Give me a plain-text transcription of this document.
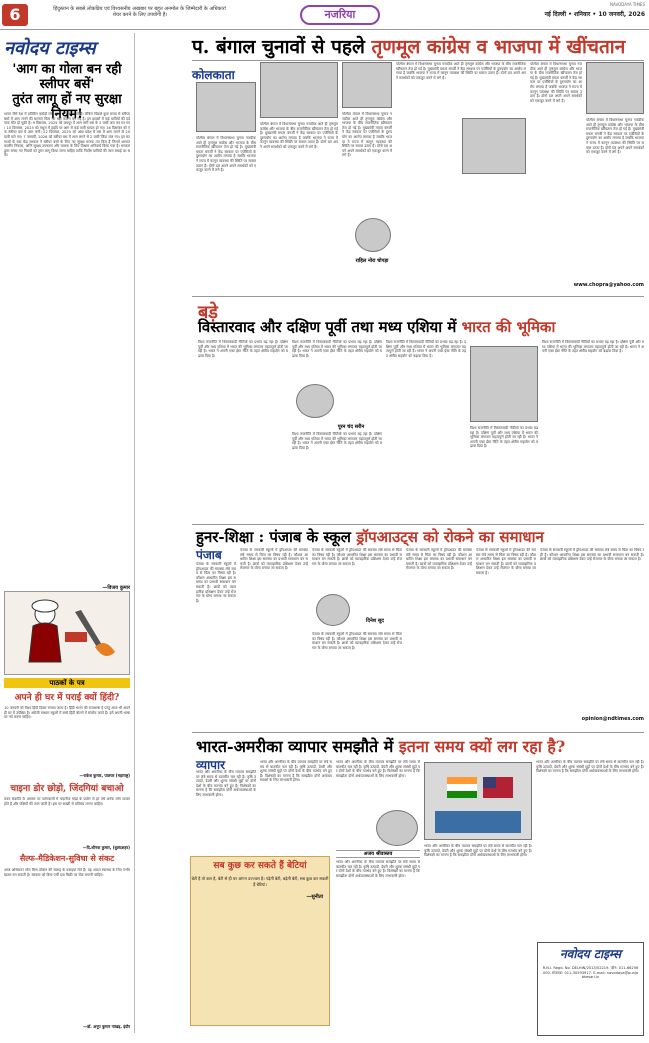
6	हिंदुस्तान के सबसे लोकप्रिय एवं विश्वसनीय अखबार पर बहुत अनमोल के जिम्मेदारी के अधिकार! शेयर करने के लिए उपयोगी है।	नजरिया
NAVODAYA TIMES
नई दिल्ली • शनिवार • 10 जनवरी, 2026
नवोदय टाइम्स
'आग का गोला बन रही स्लीपर बसें'
तुरंत लागू हों नए सुरक्षा नियम!
भारत जैसे देश में प्रतिदिन करोड़ों लोग बसों से यात्रा करते हैं। लेकिन पिछले कुछ समय से स्लीपर बसों में आग लगने की घटनाएं चिंता का बड़ा कारण बन गई हैं। इन हादसों में कई यात्रियों की दर्दनाक मौत हो चुकी है। 9 दिसम्बर, 2025 को जयपुर में आग लगी बस के 2 यात्री जल कर मर गए। 10 दिसम्बर, 2025 को मथुरा में हाईवे पर आग से कई यात्री घायल हो गए। 16 दिसम्बर को एक स्लीपर बस में आग लगी। 22 दिसम्बर, 2025 को आंध्र प्रदेश में बस में आग लगने से 20 यात्री मारे गए। 7 जनवरी, 2026 को स्लीपर बस में आग लगने से 2 यात्री जिंदा जल गए। इन घटनाओं के बाद केंद्र सरकार ने स्लीपर बसों के लिए नए सुरक्षा मानक तय किए हैं जिनमें आपातकालीन निकास, अग्नि सुरक्षा उपकरण और चालक के लिए विश्राम अनिवार्य किया गया है। सरकार द्वारा बनाए गए नियमों को तुरंत लागू किया जाना चाहिए ताकि निर्दोष यात्रियों की जान बचाई जा सके।
—विजय कुमार
पाठकों के पत्र
अपने ही घर में पराई क्यों हिंदी?
10 जनवरी को विश्व हिंदी दिवस मनाया जाता है। हिंदी भारत की राजभाषा है परंतु आज भी अपने ही घर में उपेक्षित है। अंग्रेजी माध्यम स्कूलों में बच्चे हिंदी बोलने में संकोच करते हैं। हमें अपनी भाषा पर गर्व करना चाहिए।
—राकेश कुमार, पालघर (महाराष्ट्र)
चाइना डोर छोड़ो, जिंदगियां बचाओ
मकर संक्रांति के अवसर पर पतंगबाजी में चाइनीज मांझे के प्रयोग से हर वर्ष अनेक लोग घायल होते हैं और पक्षियों की जान जाती है। इस पर सख्ती से प्रतिबंध लगना चाहिए।
—दि.शौनक कुमार, (बुलंदशहर)
सैल्फ-मैडिकेशन-सुविधा से संकट
आज अधिकतर लोग बिना डॉक्टर की सलाह के दवाइयां लेते हैं। यह आदत स्वास्थ्य के लिए गंभीर खतरा बन सकती है। सरकार को बिना पर्ची दवा बिक्री पर रोक लगानी चाहिए।
—डॉ. अनूप कुमार गाखड़, इंदौर
प. बंगाल चुनावों से पहले तृणमूल कांग्रेस व भाजपा में खींचतान
कोलकाता
पश्चिम बंगाल में विधानसभा चुनाव नजदीक आते ही तृणमूल कांग्रेस और भाजपा के बीच राजनीतिक खींचतान तेज हो गई है। मुख्यमंत्री ममता बनर्जी ने केंद्र सरकार पर एजेंसियों के दुरुपयोग का आरोप लगाया है जबकि भाजपा ने राज्य में कानून व्यवस्था की स्थिति पर सवाल उठाए हैं। दोनों दल अपने अपने समर्थकों को एकजुट करने में लगे हैं।
पश्चिम बंगाल में विधानसभा चुनाव नजदीक आते ही तृणमूल कांग्रेस और भाजपा के बीच राजनीतिक खींचतान तेज हो गई है। मुख्यमंत्री ममता बनर्जी ने केंद्र सरकार पर एजेंसियों के दुरुपयोग का आरोप लगाया है जबकि भाजपा ने राज्य में कानून व्यवस्था की स्थिति पर सवाल उठाए हैं। दोनों दल अपने अपने समर्थकों को एकजुट करने में लगे हैं।
पश्चिम बंगाल में विधानसभा चुनाव नजदीक आते ही तृणमूल कांग्रेस और भाजपा के बीच राजनीतिक खींचतान तेज हो गई है। मुख्यमंत्री ममता बनर्जी ने केंद्र सरकार पर एजेंसियों के दुरुपयोग का आरोप लगाया है जबकि भाजपा ने राज्य में कानून व्यवस्था की स्थिति पर सवाल उठाए हैं। दोनों दल अपने अपने समर्थकों को एकजुट करने में लगे हैं।
राहिल नोरा चोपड़ा
पश्चिम बंगाल में विधानसभा चुनाव नजदीक आते ही तृणमूल कांग्रेस और भाजपा के बीच राजनीतिक खींचतान तेज हो गई है। मुख्यमंत्री ममता बनर्जी ने केंद्र सरकार पर एजेंसियों के दुरुपयोग का आरोप लगाया है जबकि भाजपा ने राज्य में कानून व्यवस्था की स्थिति पर सवाल उठाए हैं। दोनों दल अपने अपने समर्थकों को एकजुट करने में लगे हैं।
पश्चिम बंगाल में विधानसभा चुनाव नजदीक आते ही तृणमूल कांग्रेस और भाजपा के बीच राजनीतिक खींचतान तेज हो गई है। मुख्यमंत्री ममता बनर्जी ने केंद्र सरकार पर एजेंसियों के दुरुपयोग का आरोप लगाया है जबकि भाजपा ने राज्य में कानून व्यवस्था की स्थिति पर सवाल उठाए हैं। दोनों दल अपने अपने समर्थकों को एकजुट करने में लगे हैं।
पश्चिम बंगाल में विधानसभा चुनाव नजदीक आते ही तृणमूल कांग्रेस और भाजपा के बीच राजनीतिक खींचतान तेज हो गई है। मुख्यमंत्री ममता बनर्जी ने केंद्र सरकार पर एजेंसियों के दुरुपयोग का आरोप लगाया है जबकि भाजपा ने राज्य में कानून व्यवस्था की स्थिति पर सवाल उठाए हैं। दोनों दल अपने अपने समर्थकों को एकजुट करने में लगे हैं।
www.chopra@yahoo.com
बड़े
विस्तारवाद और दक्षिण पूर्वी तथा मध्य एशिया में भारत की भूमिका
विश्व राजनीति में विस्तारवादी नीतियों का प्रभाव बढ़ रहा है। दक्षिण पूर्वी और मध्य एशिया में भारत की भूमिका लगातार महत्वपूर्ण होती जा रही है। भारत ने अपनी एक्ट ईस्ट नीति के तहत क्षेत्रीय सहयोग को बढ़ावा दिया है।
विश्व राजनीति में विस्तारवादी नीतियों का प्रभाव बढ़ रहा है। दक्षिण पूर्वी और मध्य एशिया में भारत की भूमिका लगातार महत्वपूर्ण होती जा रही है। भारत ने अपनी एक्ट ईस्ट नीति के तहत क्षेत्रीय सहयोग को बढ़ावा दिया है।
पूरन चंद सरीन
विश्व राजनीति में विस्तारवादी नीतियों का प्रभाव बढ़ रहा है। दक्षिण पूर्वी और मध्य एशिया में भारत की भूमिका लगातार महत्वपूर्ण होती जा रही है। भारत ने अपनी एक्ट ईस्ट नीति के तहत क्षेत्रीय सहयोग को बढ़ावा दिया है।
विश्व राजनीति में विस्तारवादी नीतियों का प्रभाव बढ़ रहा है। दक्षिण पूर्वी और मध्य एशिया में भारत की भूमिका लगातार महत्वपूर्ण होती जा रही है। भारत ने अपनी एक्ट ईस्ट नीति के तहत क्षेत्रीय सहयोग को बढ़ावा दिया है।
विश्व राजनीति में विस्तारवादी नीतियों का प्रभाव बढ़ रहा है। दक्षिण पूर्वी और मध्य एशिया में भारत की भूमिका लगातार महत्वपूर्ण होती जा रही है। भारत ने अपनी एक्ट ईस्ट नीति के तहत क्षेत्रीय सहयोग को बढ़ावा दिया है।
विश्व राजनीति में विस्तारवादी नीतियों का प्रभाव बढ़ रहा है। दक्षिण पूर्वी और मध्य एशिया में भारत की भूमिका लगातार महत्वपूर्ण होती जा रही है। भारत ने अपनी एक्ट ईस्ट नीति के तहत क्षेत्रीय सहयोग को बढ़ावा दिया है।
हुनर-शिक्षा : पंजाब के स्कूल ड्रॉपआउट्स को रोकने का समाधान
पंजाब
पंजाब के सरकारी स्कूलों में ड्रॉपआउट की समस्या लंबे समय से चिंता का विषय रही है। कौशल आधारित शिक्षा इस समस्या का प्रभावी समाधान बन सकती है। छात्रों को व्यावहारिक प्रशिक्षण देकर उन्हें रोजगार के योग्य बनाया जा सकता है।
पंजाब के सरकारी स्कूलों में ड्रॉपआउट की समस्या लंबे समय से चिंता का विषय रही है। कौशल आधारित शिक्षा इस समस्या का प्रभावी समाधान बन सकती है। छात्रों को व्यावहारिक प्रशिक्षण देकर उन्हें रोजगार के योग्य बनाया जा सकता है।
पंजाब के सरकारी स्कूलों में ड्रॉपआउट की समस्या लंबे समय से चिंता का विषय रही है। कौशल आधारित शिक्षा इस समस्या का प्रभावी समाधान बन सकती है। छात्रों को व्यावहारिक प्रशिक्षण देकर उन्हें रोजगार के योग्य बनाया जा सकता है।
दिनेश सूद
पंजाब के सरकारी स्कूलों में ड्रॉपआउट की समस्या लंबे समय से चिंता का विषय रही है। कौशल आधारित शिक्षा इस समस्या का प्रभावी समाधान बन सकती है। छात्रों को व्यावहारिक प्रशिक्षण देकर उन्हें रोजगार के योग्य बनाया जा सकता है।
पंजाब के सरकारी स्कूलों में ड्रॉपआउट की समस्या लंबे समय से चिंता का विषय रही है। कौशल आधारित शिक्षा इस समस्या का प्रभावी समाधान बन सकती है। छात्रों को व्यावहारिक प्रशिक्षण देकर उन्हें रोजगार के योग्य बनाया जा सकता है।
पंजाब के सरकारी स्कूलों में ड्रॉपआउट की समस्या लंबे समय से चिंता का विषय रही है। कौशल आधारित शिक्षा इस समस्या का प्रभावी समाधान बन सकती है। छात्रों को व्यावहारिक प्रशिक्षण देकर उन्हें रोजगार के योग्य बनाया जा सकता है।
पंजाब के सरकारी स्कूलों में ड्रॉपआउट की समस्या लंबे समय से चिंता का विषय रही है। कौशल आधारित शिक्षा इस समस्या का प्रभावी समाधान बन सकती है। छात्रों को व्यावहारिक प्रशिक्षण देकर उन्हें रोजगार के योग्य बनाया जा सकता है।
opinion@ndtimes.com
भारत-अमरीका व्यापार समझौते में इतना समय क्यों लग रहा है?
व्यापार
भारत और अमरीका के बीच व्यापार समझौते पर लंबे समय से बातचीत चल रही है। कृषि उत्पादों, डेयरी और शुल्क संबंधी मुद्दों पर दोनों देशों के बीच मतभेद बने हुए हैं। विशेषज्ञों का मानना है कि समझौता दोनों अर्थव्यवस्थाओं के लिए लाभकारी होगा।
भारत और अमरीका के बीच व्यापार समझौते पर लंबे समय से बातचीत चल रही है। कृषि उत्पादों, डेयरी और शुल्क संबंधी मुद्दों पर दोनों देशों के बीच मतभेद बने हुए हैं। विशेषज्ञों का मानना है कि समझौता दोनों अर्थव्यवस्थाओं के लिए लाभकारी होगा।
भारत और अमरीका के बीच व्यापार समझौते पर लंबे समय से बातचीत चल रही है। कृषि उत्पादों, डेयरी और शुल्क संबंधी मुद्दों पर दोनों देशों के बीच मतभेद बने हुए हैं। विशेषज्ञों का मानना है कि समझौता दोनों अर्थव्यवस्थाओं के लिए लाभकारी होगा।
अजय श्रीवास्तव
भारत और अमरीका के बीच व्यापार समझौते पर लंबे समय से बातचीत चल रही है। कृषि उत्पादों, डेयरी और शुल्क संबंधी मुद्दों पर दोनों देशों के बीच मतभेद बने हुए हैं। विशेषज्ञों का मानना है कि समझौता दोनों अर्थव्यवस्थाओं के लिए लाभकारी होगा।
भारत और अमरीका के बीच व्यापार समझौते पर लंबे समय से बातचीत चल रही है। कृषि उत्पादों, डेयरी और शुल्क संबंधी मुद्दों पर दोनों देशों के बीच मतभेद बने हुए हैं। विशेषज्ञों का मानना है कि समझौता दोनों अर्थव्यवस्थाओं के लिए लाभकारी होगा।
भारत और अमरीका के बीच व्यापार समझौते पर लंबे समय से बातचीत चल रही है। कृषि उत्पादों, डेयरी और शुल्क संबंधी मुद्दों पर दोनों देशों के बीच मतभेद बने हुए हैं। विशेषज्ञों का मानना है कि समझौता दोनों अर्थव्यवस्थाओं के लिए लाभकारी होगा।
सब कुछ कर सकते हैं बेटियां
बेटी है तो कल है, बेटी से ही घर आंगन उज्ज्वल है। पढ़ेगी बेटी, बढ़ेगी बेटी, सब कुछ कर सकती हैं बेटियां।
—सुनीता
नवोदय टाइम्स
R.N.I. Regd. No. DELHIN/2013/52219. फोन: 011-66256000. संपादक: 011-30593917. E-mail: navodaya@punjabkesari.in
